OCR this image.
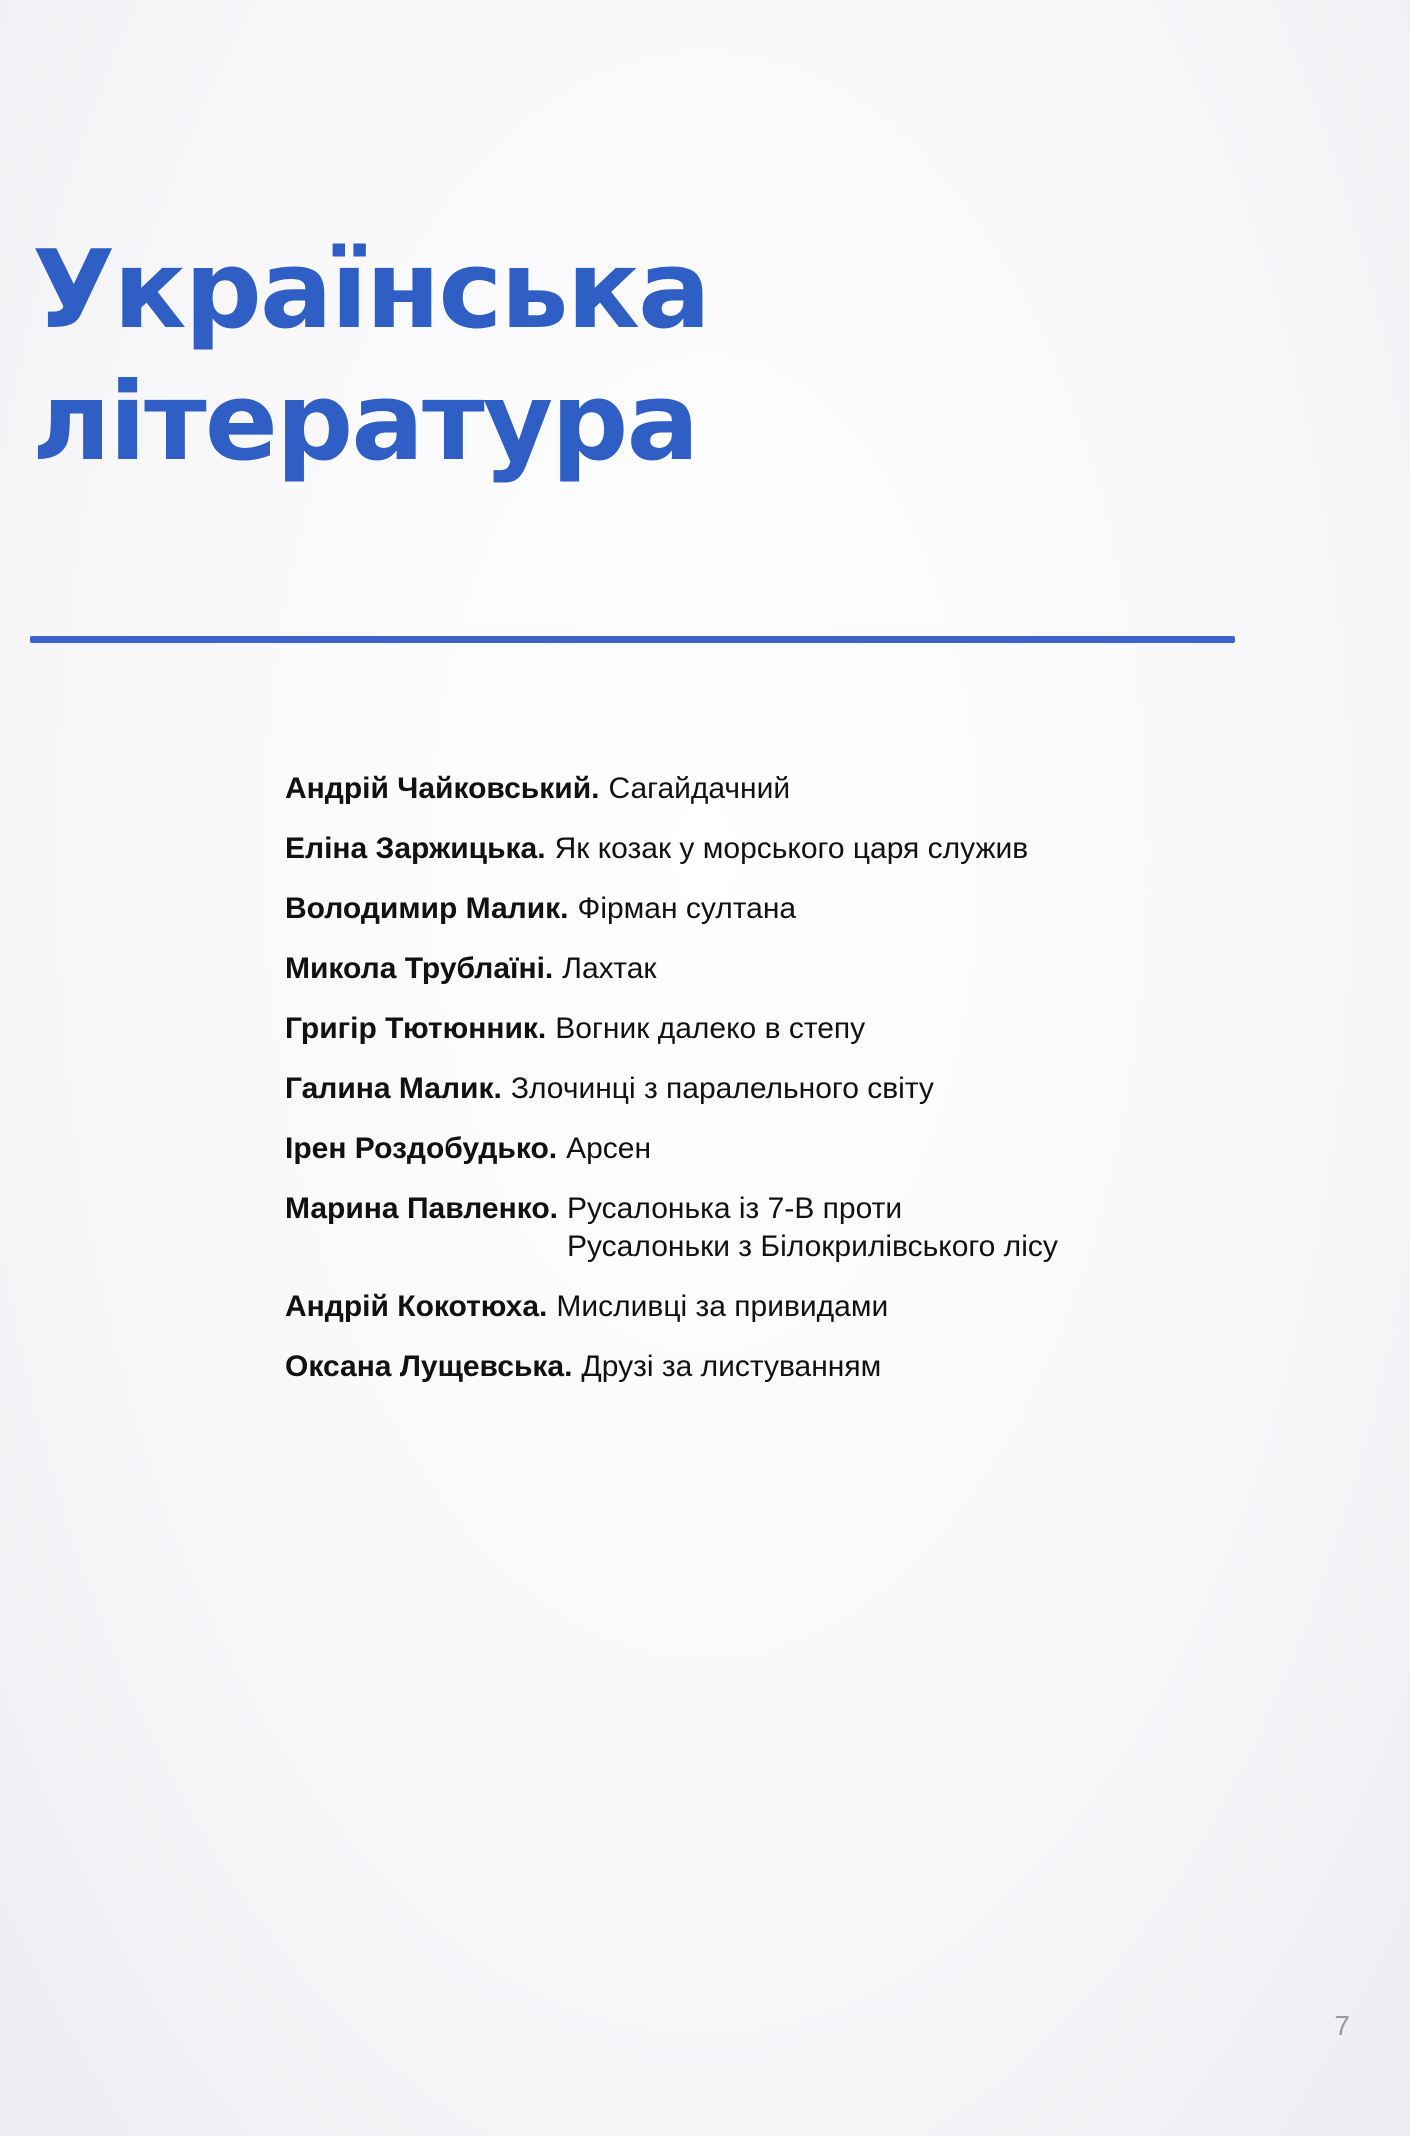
Українська
література
Андрій Чайковський. Сагайдачний
Еліна Заржицька. Як козак у морського царя служив
Володимир Малик. Фірман султана
Микола Трублаїні. Лахтак
Григір Тютюнник. Вогник далеко в степу
Галина Малик. Злочинці з паралельного світу
Ірен Роздобудько. Арсен
Марина Павленко. Русалонька із 7-В проти
Русалоньки з Білокрилівського лісу
Андрій Кокотюха. Мисливці за привидами
Оксана Лущевська. Друзі за листуванням
7
